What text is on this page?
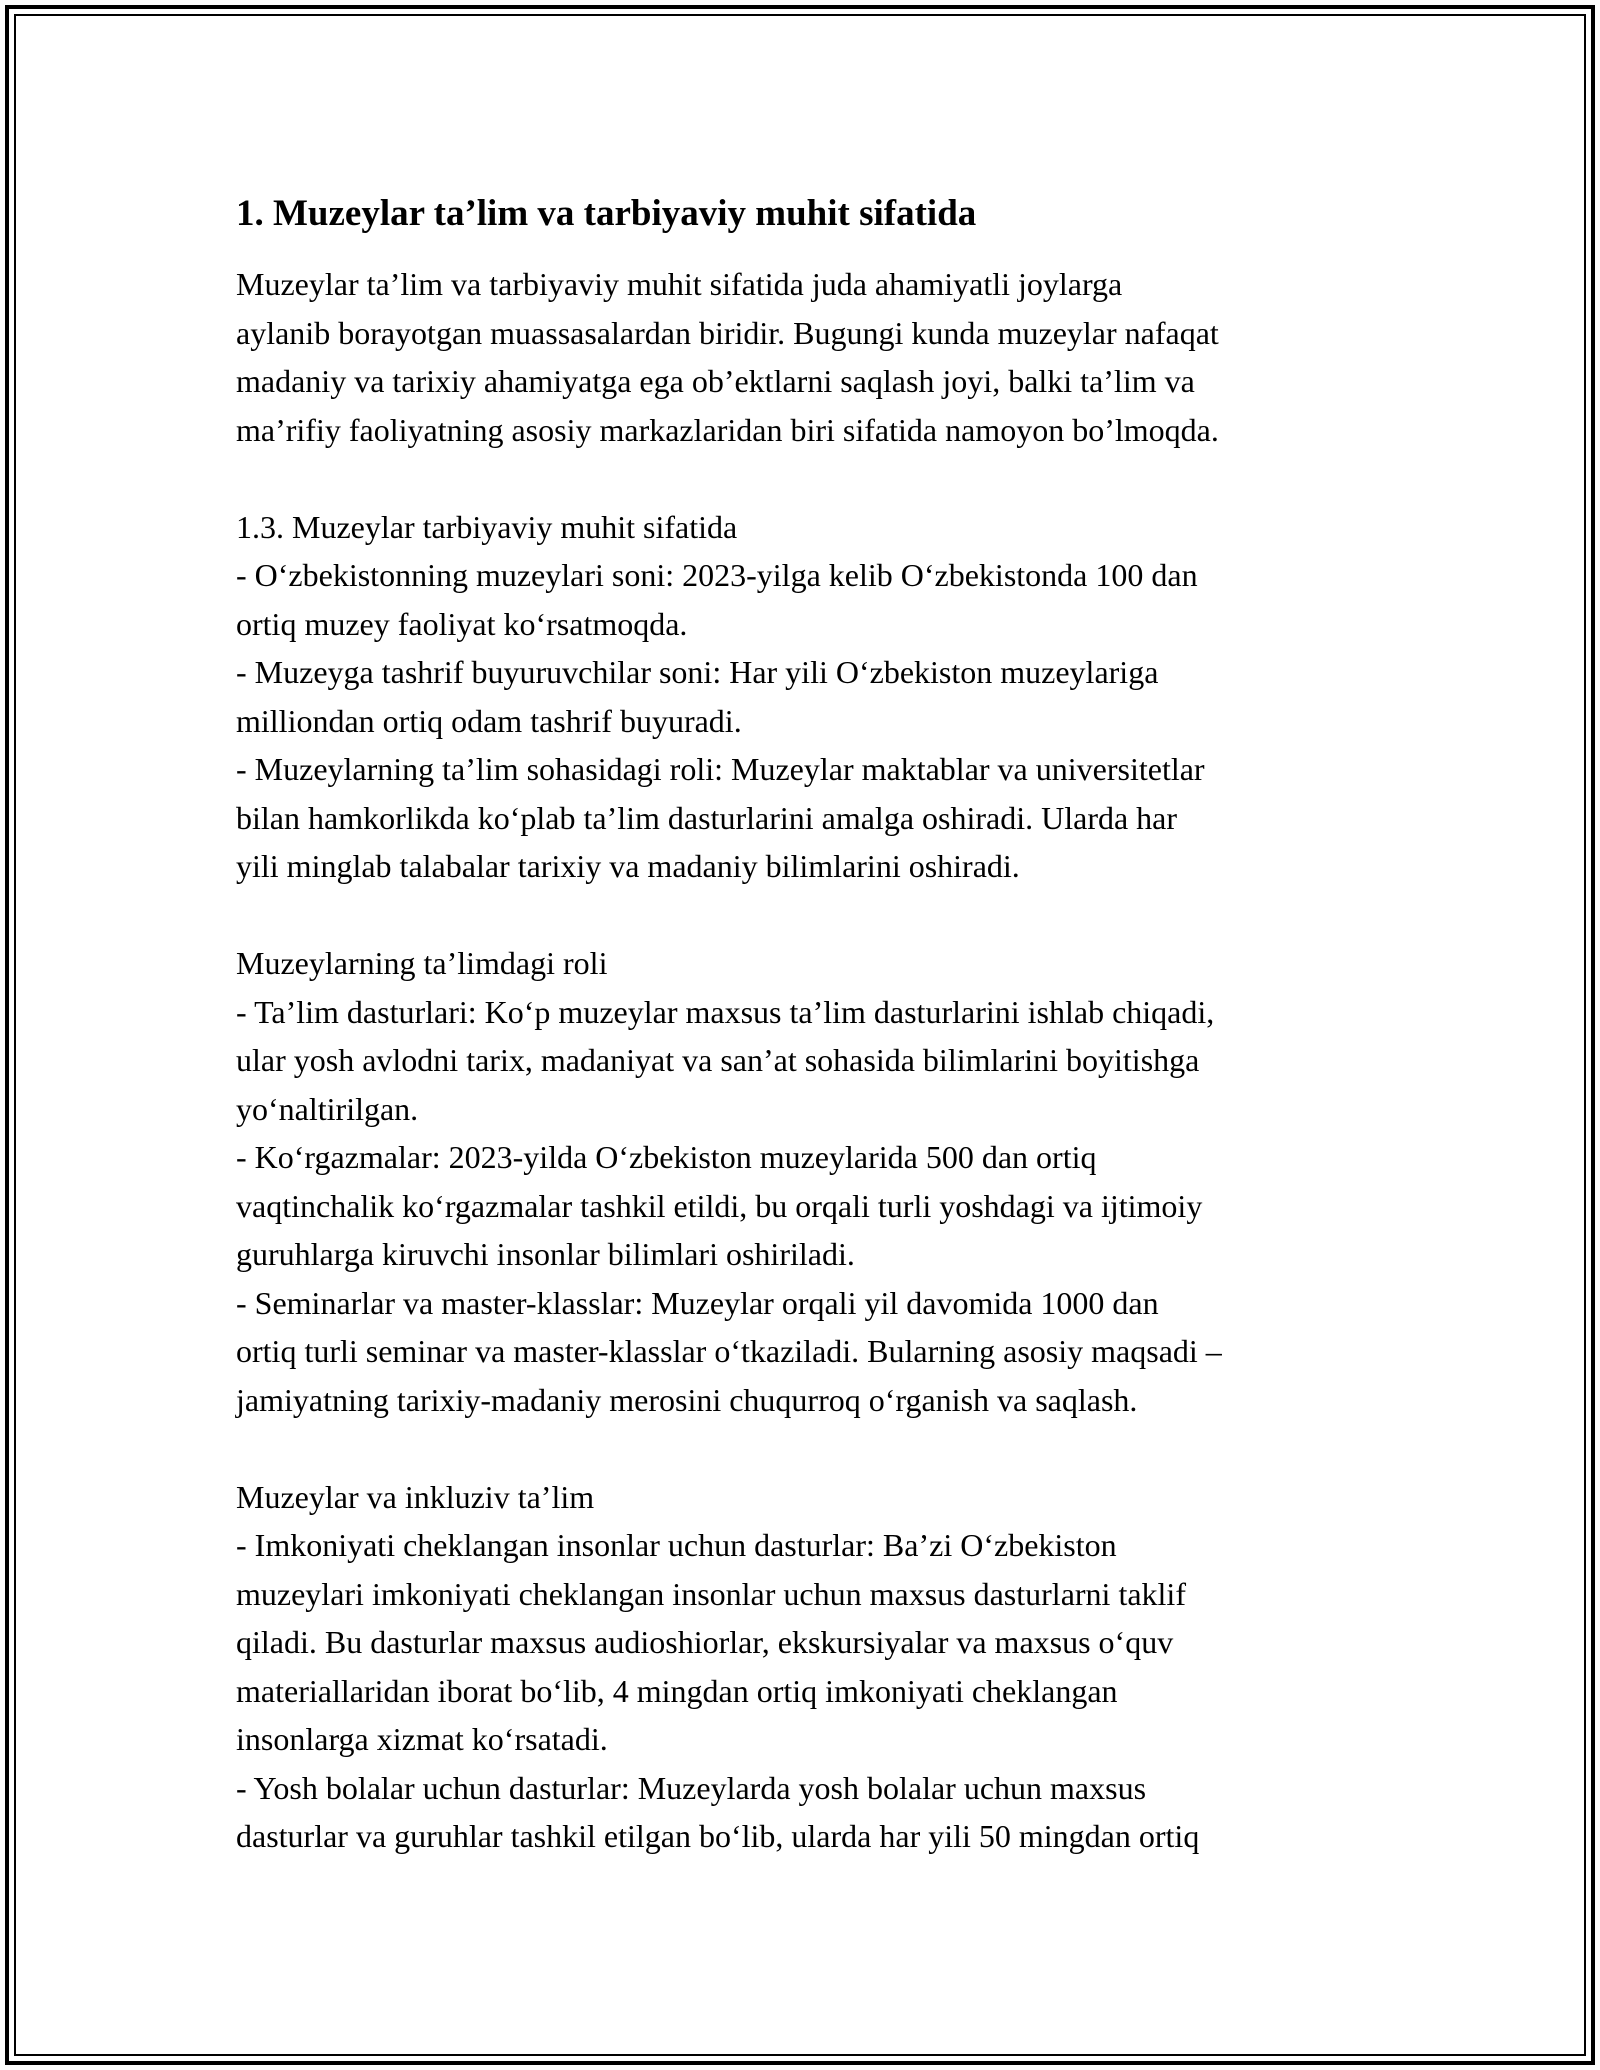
1. Muzeylar ta’lim va tarbiyaviy muhit sifatida

Muzeylar ta’lim va tarbiyaviy muhit sifatida juda ahamiyatli joylarga
aylanib borayotgan muassasalardan biridir. Bugungi kunda muzeylar nafaqat
madaniy va tarixiy ahamiyatga ega ob’ektlarni saqlash joyi, balki ta’lim va
ma’rifiy faoliyatning asosiy markazlaridan biri sifatida namoyon bo’lmoqda.

1.3. Muzeylar tarbiyaviy muhit sifatida

- O‘zbekistonning muzeylari soni: 2023-yilga kelib O‘zbekistonda 100 dan
ortiq muzey faoliyat ko‘rsatmoqda.

- Muzeyga tashrif buyuruvchilar soni: Har yili O‘zbekiston muzeylariga
milliondan ortiq odam tashrif buyuradi.

- Muzeylarning ta’lim sohasidagi roli: Muzeylar maktablar va universitetlar
bilan hamkorlikda ko‘plab ta’lim dasturlarini amalga oshiradi. Ularda har
yili minglab talabalar tarixiy va madaniy bilimlarini oshiradi.

Muzeylarning ta’limdagi roli

- Ta’lim dasturlari: Ko‘p muzeylar maxsus ta’lim dasturlarini ishlab chiqadi,
ular yosh avlodni tarix, madaniyat va san’at sohasida bilimlarini boyitishga
yo‘naltirilgan.

- Ko‘rgazmalar: 2023-yilda O‘zbekiston muzeylarida 500 dan ortiq
vaqtinchalik ko‘rgazmalar tashkil etildi, bu orqali turli yoshdagi va ijtimoiy
guruhlarga kiruvchi insonlar bilimlari oshiriladi.

- Seminarlar va master-klasslar: Muzeylar orqali yil davomida 1000 dan
ortiq turli seminar va master-klasslar o‘tkaziladi. Bularning asosiy maqsadi –
jamiyatning tarixiy-madaniy merosini chuqurroq o‘rganish va saqlash.

Muzeylar va inkluziv ta’lim

- Imkoniyati cheklangan insonlar uchun dasturlar: Ba’zi O‘zbekiston
muzeylari imkoniyati cheklangan insonlar uchun maxsus dasturlarni taklif
qiladi. Bu dasturlar maxsus audioshiorlar, ekskursiyalar va maxsus o‘quv
materiallaridan iborat bo‘lib, 4 mingdan ortiq imkoniyati cheklangan
insonlarga xizmat ko‘rsatadi.

- Yosh bolalar uchun dasturlar: Muzeylarda yosh bolalar uchun maxsus
dasturlar va guruhlar tashkil etilgan bo‘lib, ularda har yili 50 mingdan ortiq
